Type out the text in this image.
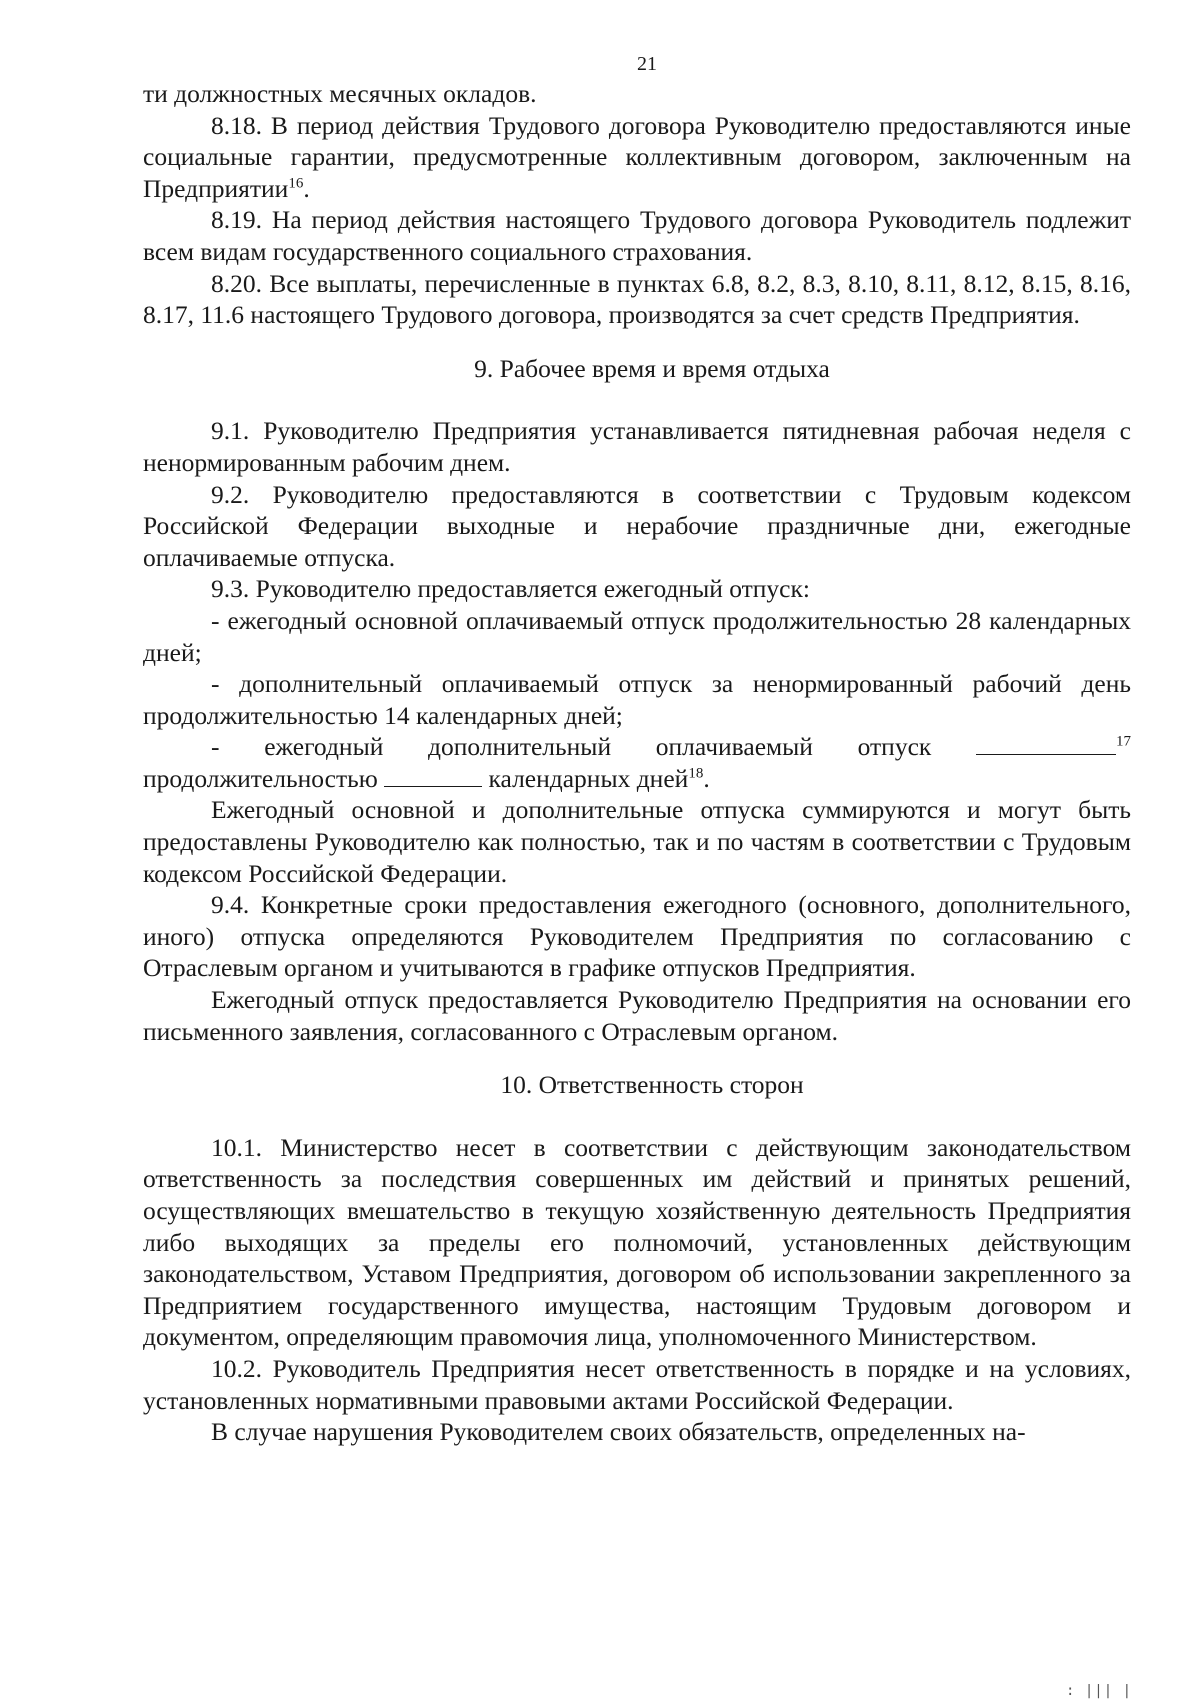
21

ти должностных месячных окладов.

8.18. В период действия Трудового договора Руководителю предоставляются иные социальные гарантии, предусмотренные коллективным договором, заключенным на Предприятии$^{16}$.

8.19. На период действия настоящего Трудового договора Руководитель подлежит всем видам государственного социального страхования.

8.20. Все выплаты, перечисленные в пунктах 6.8, 8.2, 8.3, 8.10, 8.11, 8.12, 8.15, 8.16, 8.17, 11.6 настоящего Трудового договора, производятся за счет средств Предприятия.

9. Рабочее время и время отдыха

9.1. Руководителю Предприятия устанавливается пятидневная рабочая неделя с ненормированным рабочим днем.

9.2. Руководителю предоставляются в соответствии с Трудовым кодексом Российской Федерации выходные и нерабочие праздничные дни, ежегодные оплачиваемые отпуска.

9.3. Руководителю предоставляется ежегодный отпуск:

- ежегодный основной оплачиваемый отпуск продолжительностью 28 календарных дней;

- дополнительный оплачиваемый отпуск за ненормированный рабочий день продолжительностью 14 календарных дней;

- ежегодный дополнительный оплачиваемый отпуск	$^{17}$ продолжительностью	календарных дней$^{18}$.

Ежегодный основной и дополнительные отпуска суммируются и могут быть предоставлены Руководителю как полностью, так и по частям в соответствии с Трудовым кодексом Российской Федерации.

9.4. Конкретные сроки предоставления ежегодного (основного, дополнительного, иного) отпуска определяются Руководителем Предприятия по согласованию с Отраслевым органом и учитываются в графике отпусков Предприятия.

Ежегодный отпуск предоставляется Руководителю Предприятия на основании его письменного заявления, согласованного с Отраслевым органом.

10. Ответственность сторон

10.1. Министерство несет в соответствии с действующим законодательством ответственность за последствия совершенных им действий и принятых решений, осуществляющих вмешательство в текущую хозяйственную деятельность Предприятия либо выходящих за пределы его полномочий, установленных действующим законодательством, Уставом Предприятия, договором об использовании закрепленного за Предприятием государственного имущества, настоящим Трудовым договором и документом, определяющим правомочия лица, уполномоченного Министерством.

10.2. Руководитель Предприятия несет ответственность в порядке и на условиях, установленных нормативными правовыми актами Российской Федерации.

В случае нарушения Руководителем своих обязательств, определенных на-

: ||| |
